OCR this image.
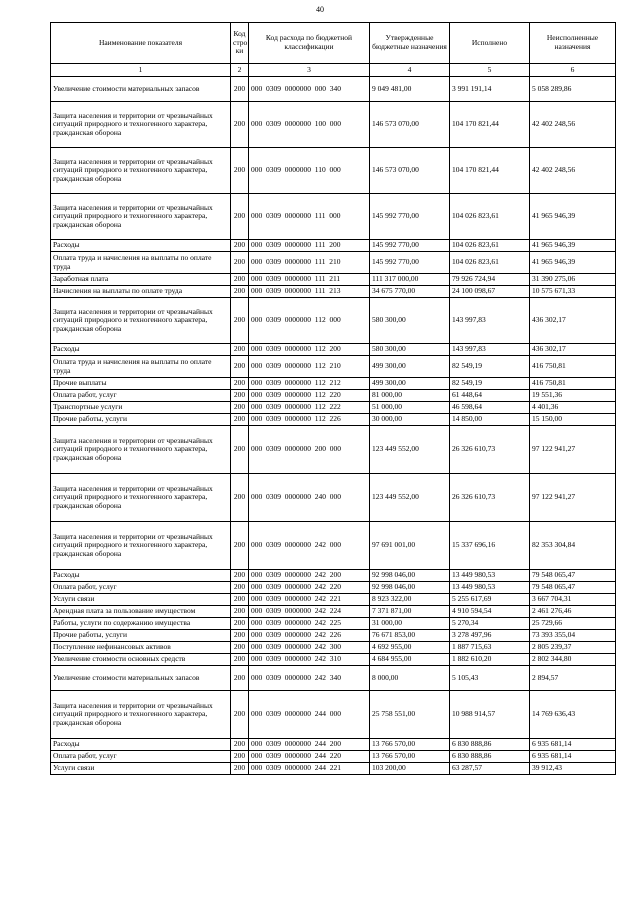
40
Наименование показателя	Код стро ки	Код расхода по бюджетной классификации	Утвержденные бюджетные назначения	Исполнено	Неисполненные назначения
1	2	3	4	5	6
Увеличение стоимости материальных запасов	200	000  0309  0000000  000  340	9 049 481,00	3 991 191,14	5 058 289,86
Защита населения и территории от чрезвычайных ситуаций природного и техногенного характера, гражданская оборона	200	000  0309  0000000  100  000	146 573 070,00	104 170 821,44	42 402 248,56
Защита населения и территории от чрезвычайных ситуаций природного и техногенного характера, гражданская оборона	200	000  0309  0000000  110  000	146 573 070,00	104 170 821,44	42 402 248,56
Защита населения и территории от чрезвычайных ситуаций природного и техногенного характера, гражданская оборона	200	000  0309  0000000  111  000	145 992 770,00	104 026 823,61	41 965 946,39
Расходы	200	000  0309  0000000  111  200	145 992 770,00	104 026 823,61	41 965 946,39
Оплата труда и начисления на выплаты по оплате труда	200	000  0309  0000000  111  210	145 992 770,00	104 026 823,61	41 965 946,39
Заработная плата	200	000  0309  0000000  111  211	111 317 000,00	79 926 724,94	31 390 275,06
Начисления на выплаты по оплате труда	200	000  0309  0000000  111  213	34 675 770,00	24 100 098,67	10 575 671,33
Защита населения и территории от чрезвычайных ситуаций природного и техногенного характера, гражданская оборона	200	000  0309  0000000  112  000	580 300,00	143 997,83	436 302,17
Расходы	200	000  0309  0000000  112  200	580 300,00	143 997,83	436 302,17
Оплата труда и начисления на выплаты по оплате труда	200	000  0309  0000000  112  210	499 300,00	82 549,19	416 750,81
Прочие выплаты	200	000  0309  0000000  112  212	499 300,00	82 549,19	416 750,81
Оплата работ, услуг	200	000  0309  0000000  112  220	81 000,00	61 448,64	19 551,36
Транспортные услуги	200	000  0309  0000000  112  222	51 000,00	46 598,64	4 401,36
Прочие работы, услуги	200	000  0309  0000000  112  226	30 000,00	14 850,00	15 150,00
Защита населения и территории от чрезвычайных ситуаций природного и техногенного характера, гражданская оборона	200	000  0309  0000000  200  000	123 449 552,00	26 326 610,73	97 122 941,27
Защита населения и территории от чрезвычайных ситуаций природного и техногенного характера, гражданская оборона	200	000  0309  0000000  240  000	123 449 552,00	26 326 610,73	97 122 941,27
Защита населения и территории от чрезвычайных ситуаций природного и техногенного характера, гражданская оборона	200	000  0309  0000000  242  000	97 691 001,00	15 337 696,16	82 353 304,84
Расходы	200	000  0309  0000000  242  200	92 998 046,00	13 449 980,53	79 548 065,47
Оплата работ, услуг	200	000  0309  0000000  242  220	92 998 046,00	13 449 980,53	79 548 065,47
Услуги связи	200	000  0309  0000000  242  221	8 923 322,00	5 255 617,69	3 667 704,31
Арендная плата за пользование имуществом	200	000  0309  0000000  242  224	7 371 871,00	4 910 594,54	2 461 276,46
Работы, услуги по содержанию имущества	200	000  0309  0000000  242  225	31 000,00	5 270,34	25 729,66
Прочие работы, услуги	200	000  0309  0000000  242  226	76 671 853,00	3 278 497,96	73 393 355,04
Поступление нефинансовых активов	200	000  0309  0000000  242  300	4 692 955,00	1 887 715,63	2 805 239,37
Увеличение стоимости основных средств	200	000  0309  0000000  242  310	4 684 955,00	1 882 610,20	2 802 344,80
Увеличение стоимости материальных запасов	200	000  0309  0000000  242  340	8 000,00	5 105,43	2 894,57
Защита населения и территории от чрезвычайных ситуаций природного и техногенного характера, гражданская оборона	200	000  0309  0000000  244  000	25 758 551,00	10 988 914,57	14 769 636,43
Расходы	200	000  0309  0000000  244  200	13 766 570,00	6 830 888,86	6 935 681,14
Оплата работ, услуг	200	000  0309  0000000  244  220	13 766 570,00	6 830 888,86	6 935 681,14
Услуги связи	200	000  0309  0000000  244  221	103 200,00	63 287,57	39 912,43
